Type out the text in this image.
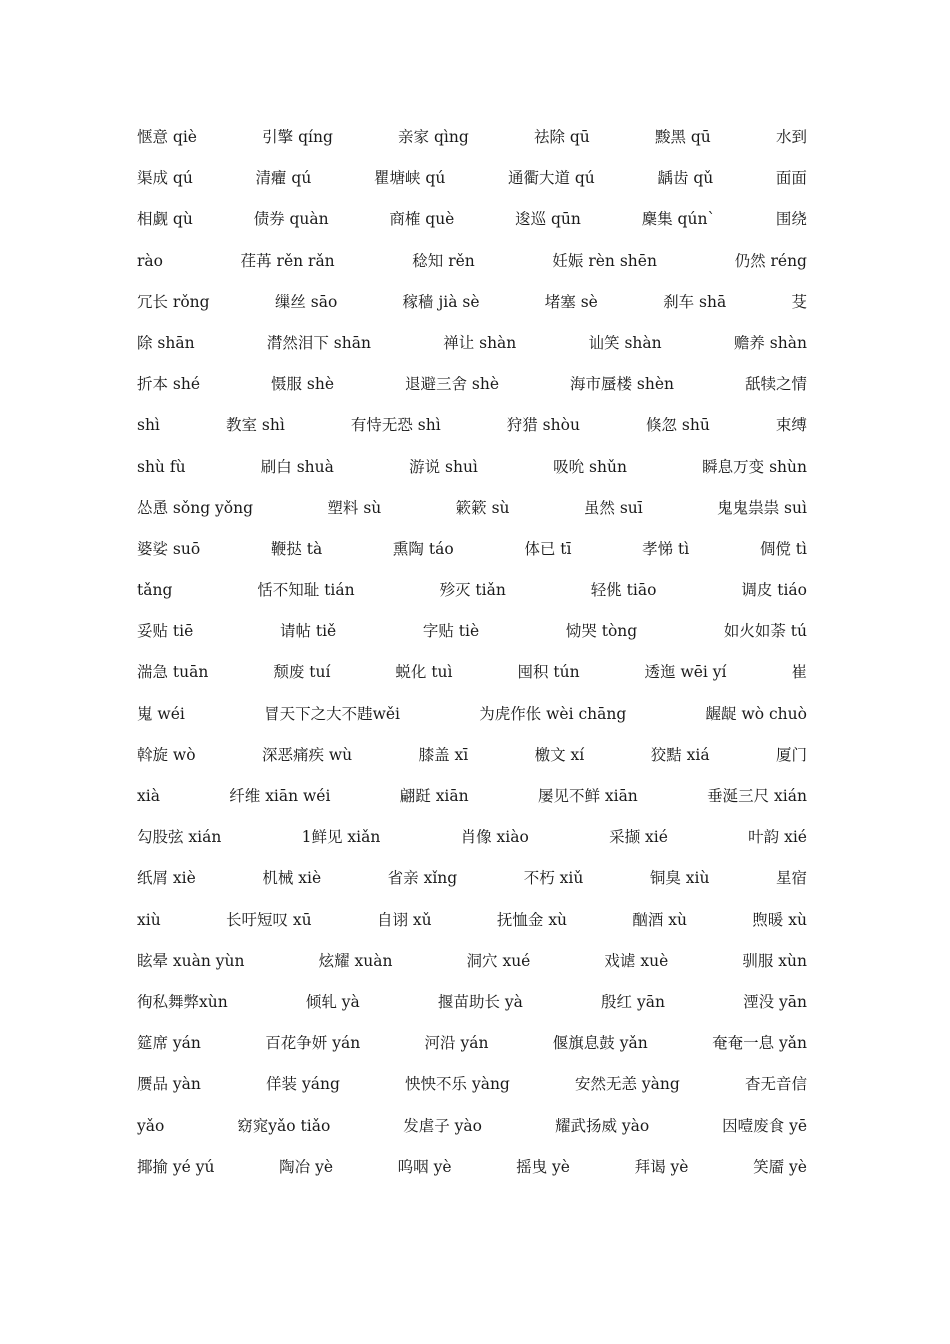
惬意 qiè	引擎 qíng	亲家 qìng	祛除 qū	黢黑 qū	水到
渠成 qú	清癯 qú	瞿塘峡 qú	通衢大道 qú	龋齿 qǔ	面面
相觑 qù	债券 quàn	商榷 què	逡巡 qūn	麇集 qún`	围绕
rào	荏苒 rěn rǎn	稔知 rěn	妊娠 rèn shēn	仍然 réng
冗长 rǒng	缫丝 sāo	稼穑 jià sè	堵塞 sè	刹车 shā	芟
除 shān	潸然泪下 shān	禅让 shàn	讪笑 shàn	赡养 shàn
折本 shé	慑服 shè	退避三舍 shè	海市蜃楼 shèn	舐犊之情
shì	教室 shì	有恃无恐 shì	狩猎 shòu	倏忽 shū	束缚
shù fù	刷白 shuà	游说 shuì	吸吮 shǔn	瞬息万变 shùn
怂恿 sǒng yǒng	塑料 sù	簌簌 sù	虽然 suī	鬼鬼祟祟 suì
婆娑 suō	鞭挞 tà	熏陶 táo	体已 tī	孝悌 tì	倜傥 tì
tǎng	恬不知耻 tián	殄灭 tiǎn	轻佻 tiāo	调皮 tiáo
妥贴 tiē	请帖 tiě	字贴 tiè	恸哭 tòng	如火如荼 tú
湍急 tuān	颓废 tuí	蜕化 tuì	囤积 tún	透迤 wēi yí	崔
嵬 wéi	冒天下之大不韪wěi	为虎作伥 wèi chāng	龌龊 wò chuò
斡旋 wò	深恶痛疾 wù	膝盖 xī	檄文 xí	狡黠 xiá	厦门
xià	纤维 xiān wéi	翩跹 xiān	屡见不鲜 xiān	垂涎三尺 xián
勾股弦 xián	1鲜见 xiǎn	肖像 xiào	采撷 xié	叶韵 xié
纸屑 xiè	机械 xiè	省亲 xǐng	不朽 xiǔ	铜臭 xiù	星宿
xiù	长吁短叹 xū	自诩 xǔ	抚恤金 xù	酗酒 xù	煦暖 xù
眩晕 xuàn yùn	炫耀 xuàn	洞穴 xué	戏谑 xuè	驯服 xùn
徇私舞弊xùn	倾轧 yà	揠苗助长 yà	殷红 yān	湮没 yān
筵席 yán	百花争妍 yán	河沿 yán	偃旗息鼓 yǎn	奄奄一息 yǎn
赝品 yàn	佯装 yáng	怏怏不乐 yàng	安然无恙 yàng	杳无音信
yǎo	窈窕yǎo tiǎo	发虐子 yào	耀武扬威 yào	因噎废食 yē
揶揄 yé yú	陶冶 yè	呜咽 yè	摇曳 yè	拜谒 yè	笑靥 yè
